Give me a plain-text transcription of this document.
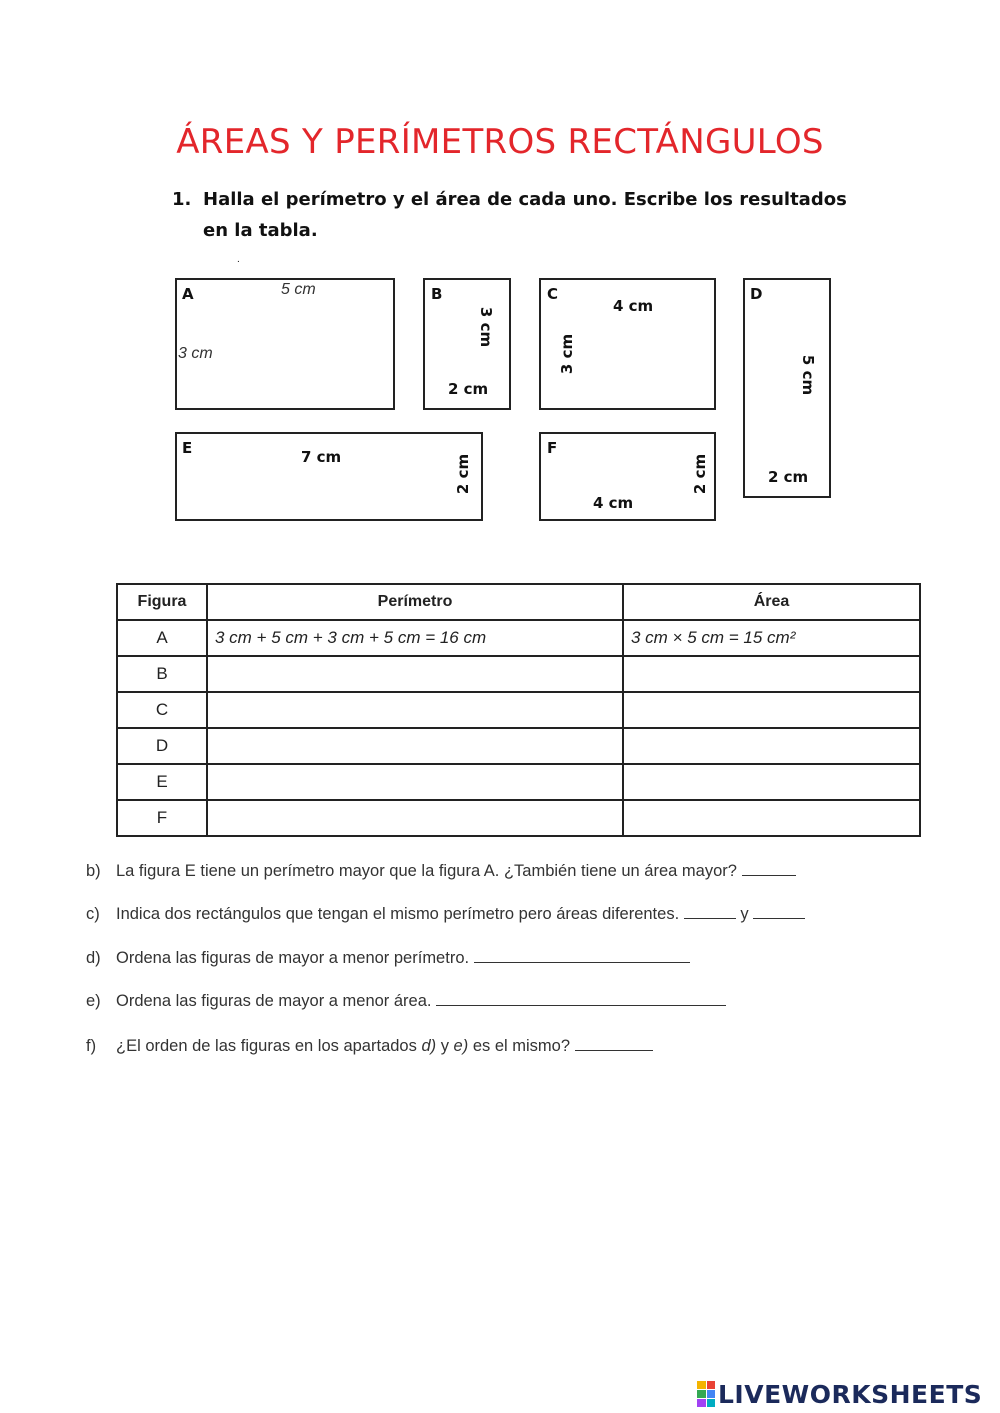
ÁREAS Y PERÍMETROS RECTÁNGULOS
1. Halla el perímetro y el área de cada uno. Escribe los resultados en la tabla.
.
A	5 cm
3 cm
B
3 cm
2 cm
C
4 cm
3 cm
D
5 cm
2 cm
E	7 cm	2 cm
F
2 cm
4 cm
Figura	Perímetro	Área
A	3 cm + 5 cm + 3 cm + 5 cm = 16 cm	3 cm × 5 cm = 15 cm²
B		
C		
D		
E		
F		
b) La figura E tiene un perímetro mayor que la figura A. ¿También tiene un área mayor?
c) Indica dos rectángulos que tengan el mismo perímetro pero áreas diferentes.	y
d) Ordena las figuras de mayor a menor perímetro.
e) Ordena las figuras de mayor a menor área.
f) ¿El orden de las figuras en los apartados d) y e) es el mismo?
LIVEWORKSHEETS
